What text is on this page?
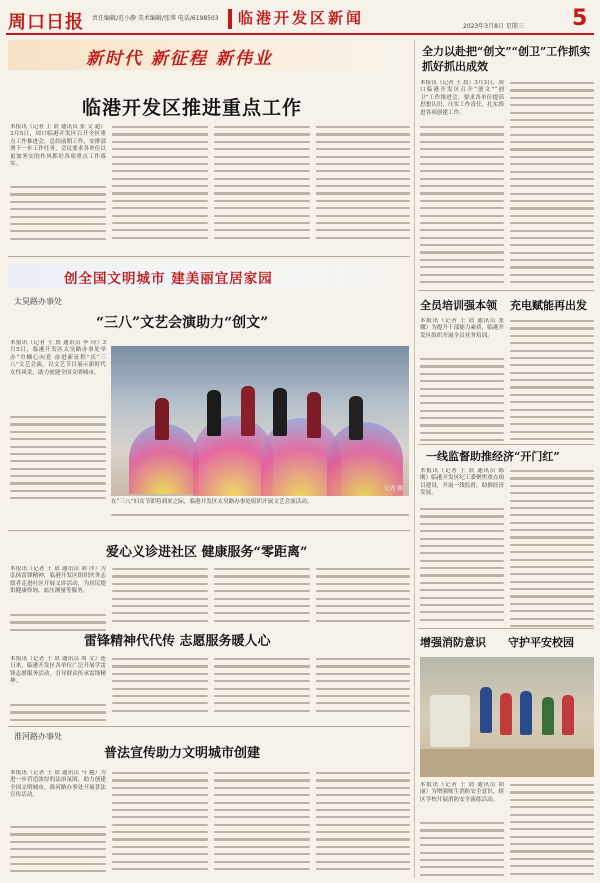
周口日报 责任编辑/范小静 美术编辑/张霁 电话/6198503 临港开发区新闻	2023年3月8日 星期三 5
新时代 新征程 新伟业
临港开发区推进重点工作

本报讯（记者 王 晨 通讯员 张 文 超）3月5日，周口临港开发区召开全区重点工作推进会，总结前期工作，安排部署下一步工作任务，会议要求各单位以更加务实的作风抓好各项重点工作落实。

创全国文明城市 建美丽宜居家园
太昊路办事处
“三八”文艺会演助力“创文”

本报讯（记者 王 晨 通讯员 李 玲）3月5日，临港开发区太昊路办事处举办“巾帼心向党 奋进新征程”庆“三八”文艺会演，以文艺节目展示新时代女性风采，助力创建全国文明城市。

记者 摄
在“三八”妇女节即将到来之际，临港开发区太昊路办事处组织开展文艺会演活动。
爱心义诊进社区 健康服务“零距离”

本报讯（记者 王 晨 通讯员 刘 洋）为弘扬雷锋精神，临港开发区组织医务志愿者走进社区开展义诊活动，为居民提供健康咨询、血压测量等服务。

雷锋精神代代传 志愿服务暖人心

本报讯（记者 王 晨 通讯员 周 文）连日来，临港开发区各单位广泛开展学雷锋志愿服务活动，引导群众传承雷锋精神。

淮河路办事处
普法宣传助力文明城市创建

本报讯（记者 王 晨 通讯员 马 越）为进一步营造浓厚的法治氛围，助力创建全国文明城市，淮河路办事处开展普法宣传活动。

全力以赴把“创文”“创卫”工作抓实抓好抓出成效

本报讯（记者 王 晨）3月3日，周口临港开发区召开“创文”“创卫”工作推进会，要求各单位提高思想认识，压实工作责任，扎实推进各项创建工作。

全员培训强本领 充电赋能再出发

本报讯（记者 王 晨 通讯员 张 娜）为提升干部能力素质，临港开发区组织开展全员业务培训。

一线监督助推经济“开门红”

本报讯（记者 王 晨 通讯员 陈 刚）临港开发区纪工委聚焦重点项目建设，开展一线监督，助推经济发展。

增强消防意识 守护平安校园

本报讯（记者 王 晨 通讯员 胡 丽）为增强师生消防安全意识，辖区学校开展消防安全演练活动。
